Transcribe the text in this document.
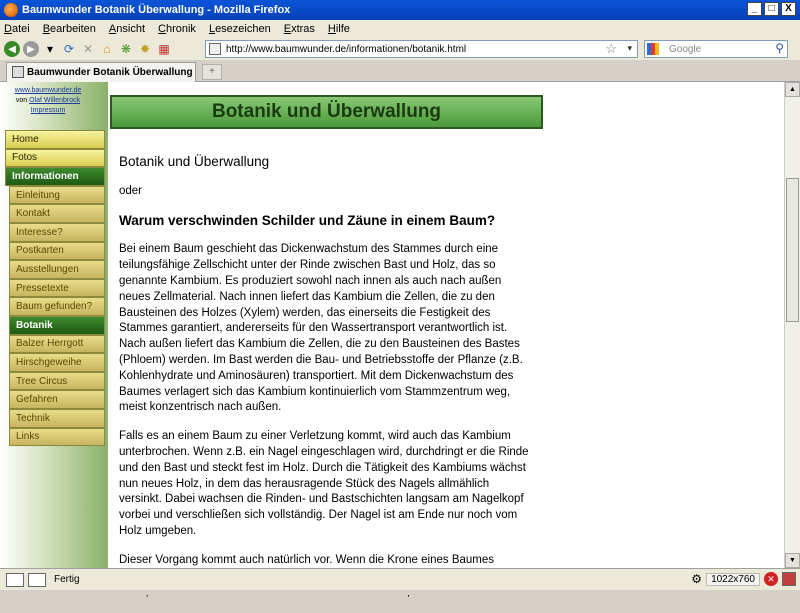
Baumwunder Botanik Überwallung - Mozilla Firefox	_	□	X
Datei Bearbeiten Ansicht Chronik Lesezeichen Extras Hilfe
◀	▶	▾ ⟳ ✕ ⌂ ❋ ✸ ▦	http://www.baumwunder.de/informationen/botanik.html	☆ ▾	Google	⚲
Baumwunder Botanik Überwallung	+
www.baumwunder.de
von Olaf Willenbrock
Impressum
Home
Fotos
Informationen
Einleitung
Kontakt
Interesse?
Postkarten
Ausstellungen
Pressetexte
Baum gefunden?
Botanik
Balzer Herrgott
Hirschgeweihe
Tree Circus
Gefahren
Technik
Links
Botanik und Überwallung
Botanik und Überwallung
oder
Warum verschwinden Schilder und Zäune in einem Baum?

Bei einem Baum geschieht das Dickenwachstum des Stammes durch eine teilungsfähige Zellschicht unter der Rinde zwischen Bast und Holz, das so genannte Kambium. Es produziert sowohl nach innen als auch nach außen neues Zellmaterial. Nach innen liefert das Kambium die Zellen, die zu den Bausteinen des Holzes (Xylem) werden, das einerseits die Festigkeit des Stammes garantiert, andererseits für den Wassertransport verantwortlich ist. Nach außen liefert das Kambium die Zellen, die zu den Bausteinen des Bastes (Phloem) werden. Im Bast werden die Bau- und Betriebsstoffe der Pflanze (z.B. Kohlenhydrate und Aminosäuren) transportiert. Mit dem Dickenwachstum des Baumes verlagert sich das Kambium kontinuierlich vom Stammzentrum weg, meist konzentrisch nach außen.

Falls es an einem Baum zu einer Verletzung kommt, wird auch das Kambium unterbrochen. Wenn z.B. ein Nagel eingeschlagen wird, durchdringt er die Rinde und den Bast und steckt fest im Holz. Durch die Tätigkeit des Kambiums wächst nun neues Holz, in dem das herausragende Stück des Nagels allmählich versinkt. Dabei wachsen die Rinden- und Bastschichten langsam am Nagelkopf vorbei und verschließen sich vollständig. Der Nagel ist am Ende nur noch vom Holz umgeben.

Dieser Vorgang kommt auch natürlich vor. Wenn die Krone eines Baumes

▲
▼
Fertig	⚙ 1022x760	✕
